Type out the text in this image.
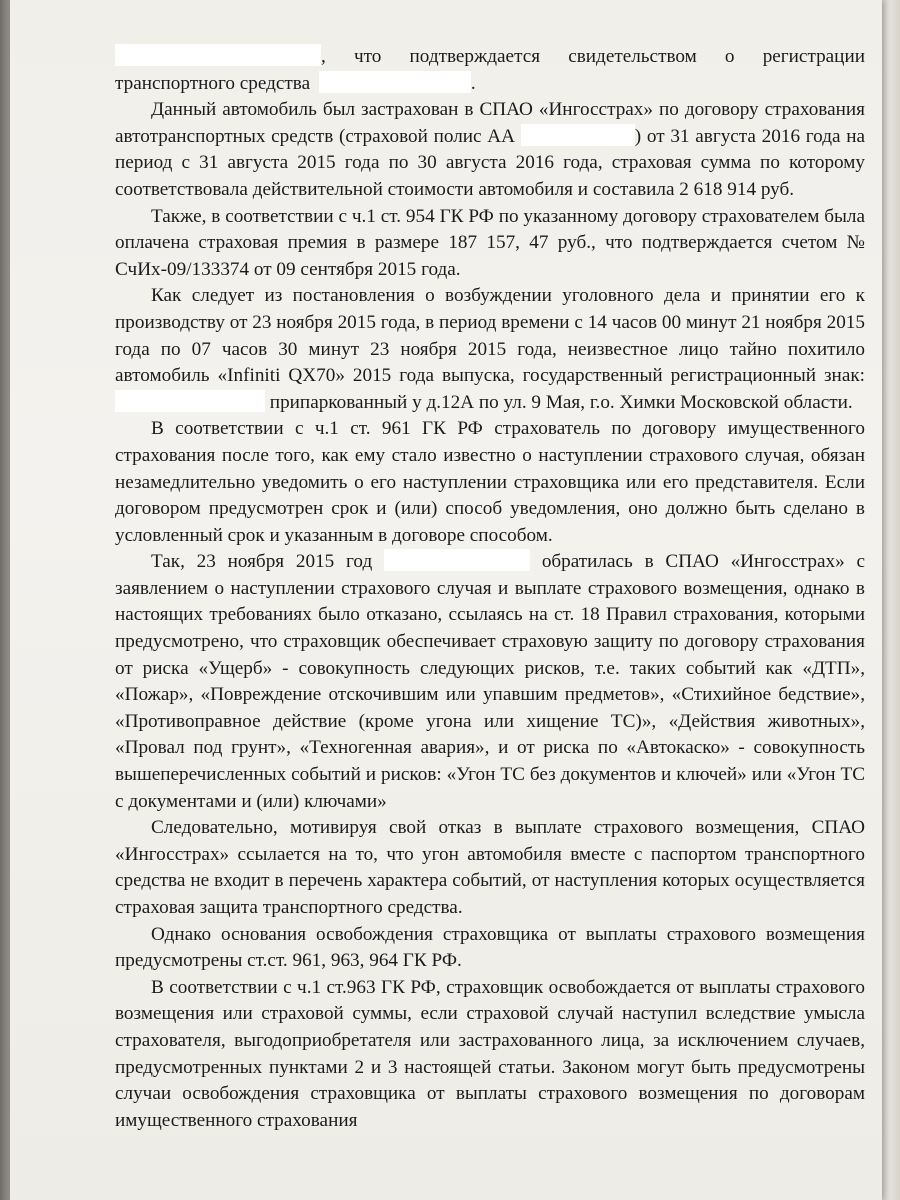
, что подтверждается свидетельством о регистрации транспортного средства	.

Данный автомобиль был застрахован в СПАО «Ингосстрах» по договору страхования автотранспортных средств (страховой полис АА	) от 31 августа 2016 года на период с 31 августа 2015 года по 30 августа 2016 года, страховая сумма по которому соответствовала действительной стоимости автомобиля и составила 2 618 914 руб.

Также, в соответствии с ч.1 ст. 954 ГК РФ по указанному договору страхователем была оплачена страховая премия в размере 187 157, 47 руб., что подтверждается счетом № СчИх-09/133374 от 09 сентября 2015 года.

Как следует из постановления о возбуждении уголовного дела и принятии его к производству от 23 ноября 2015 года, в период времени с 14 часов 00 минут 21 ноября 2015 года по 07 часов 30 минут 23 ноября 2015 года, неизвестное лицо тайно похитило автомобиль «Infiniti QX70» 2015 года выпуска, государственный регистрационный знак:  припаркованный у д.12А по ул. 9 Мая, г.о. Химки Московской области.

В соответствии с ч.1 ст. 961 ГК РФ страхователь по договору имущественного страхования после того, как ему стало известно о наступлении страхового случая, обязан незамедлительно уведомить о его наступлении страховщика или его представителя. Если договором предусмотрен срок и (или) способ уведомления, оно должно быть сделано в условленный срок и указанным в договоре способом.

Так, 23 ноября 2015 год	обратилась в СПАО «Ингосстрах» с заявлением о наступлении страхового случая и выплате страхового возмещения, однако в настоящих требованиях было отказано, ссылаясь на ст. 18 Правил страхования, которыми предусмотрено, что страховщик обеспечивает страховую защиту по договору страхования от риска «Ущерб» - совокупность следующих рисков, т.е. таких событий как «ДТП», «Пожар», «Повреждение отскочившим или упавшим предметов», «Стихийное бедствие», «Противоправное действие (кроме угона или хищение ТС)», «Действия животных», «Провал под грунт», «Техногенная авария», и от риска по «Автокаско» - совокупность вышеперечисленных событий и рисков: «Угон ТС без документов и ключей» или «Угон ТС с документами и (или) ключами»

Следовательно, мотивируя свой отказ в выплате страхового возмещения, СПАО «Ингосстрах» ссылается на то, что угон автомобиля вместе с паспортом транспортного средства не входит в перечень характера событий, от наступления которых осуществляется страховая защита транспортного средства.

Однако основания освобождения страховщика от выплаты страхового возмещения предусмотрены ст.ст. 961, 963, 964 ГК РФ.

В соответствии с ч.1 ст.963 ГК РФ, страховщик освобождается от выплаты страхового возмещения или страховой суммы, если страховой случай наступил вследствие умысла страхователя, выгодоприобретателя или застрахованного лица, за исключением случаев, предусмотренных пунктами 2 и 3 настоящей статьи. Законом могут быть предусмотрены случаи освобождения страховщика от выплаты страхового возмещения по договорам имущественного страхования
